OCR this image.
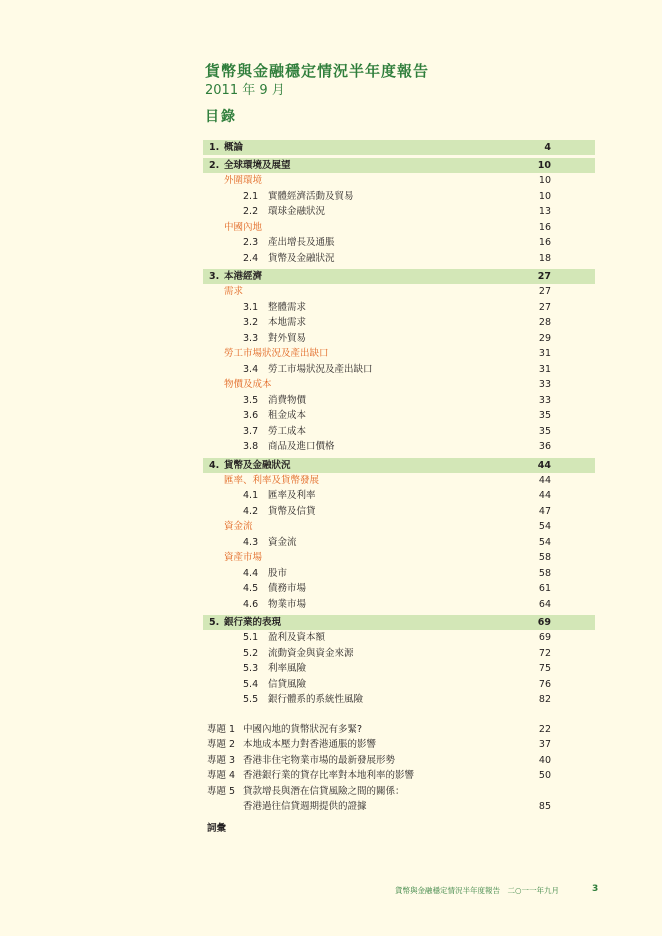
貨幣與金融穩定情況半年度報告
2011 年 9 月
目錄
1. 概論	4
2. 全球環境及展望	10
外圍環境	10
2.1 實體經濟活動及貿易	10
2.2 環球金融狀況	13
中國內地	16
2.3 產出增長及通脹	16
2.4 貨幣及金融狀況	18
3. 本港經濟	27
需求	27
3.1 整體需求	27
3.2 本地需求	28
3.3 對外貿易	29
勞工市場狀況及產出缺口	31
3.4 勞工市場狀況及產出缺口	31
物價及成本	33
3.5 消費物價	33
3.6 租金成本	35
3.7 勞工成本	35
3.8 商品及進口價格	36
4. 貨幣及金融狀況	44
匯率、利率及貨幣發展	44
4.1 匯率及利率	44
4.2 貨幣及信貸	47
資金流	54
4.3 資金流	54
資產市場	58
4.4 股市	58
4.5 債務市場	61
4.6 物業市場	64
5. 銀行業的表現	69
5.1 盈利及資本額	69
5.2 流動資金與資金來源	72
5.3 利率風險	75
5.4 信貸風險	76
5.5 銀行體系的系統性風險	82
專題 1 中國內地的貨幣狀況有多緊?	22
專題 2 本地成本壓力對香港通脹的影響	37
專題 3 香港非住宅物業市場的最新發展形勢	40
專題 4 香港銀行業的貸存比率對本地利率的影響	50
專題 5 貸款增長與潛在信貸風險之間的關係：
香港過往信貸週期提供的證據	85
詞彙
貨幣與金融穩定情況半年度報告　二○一一年九月	3
